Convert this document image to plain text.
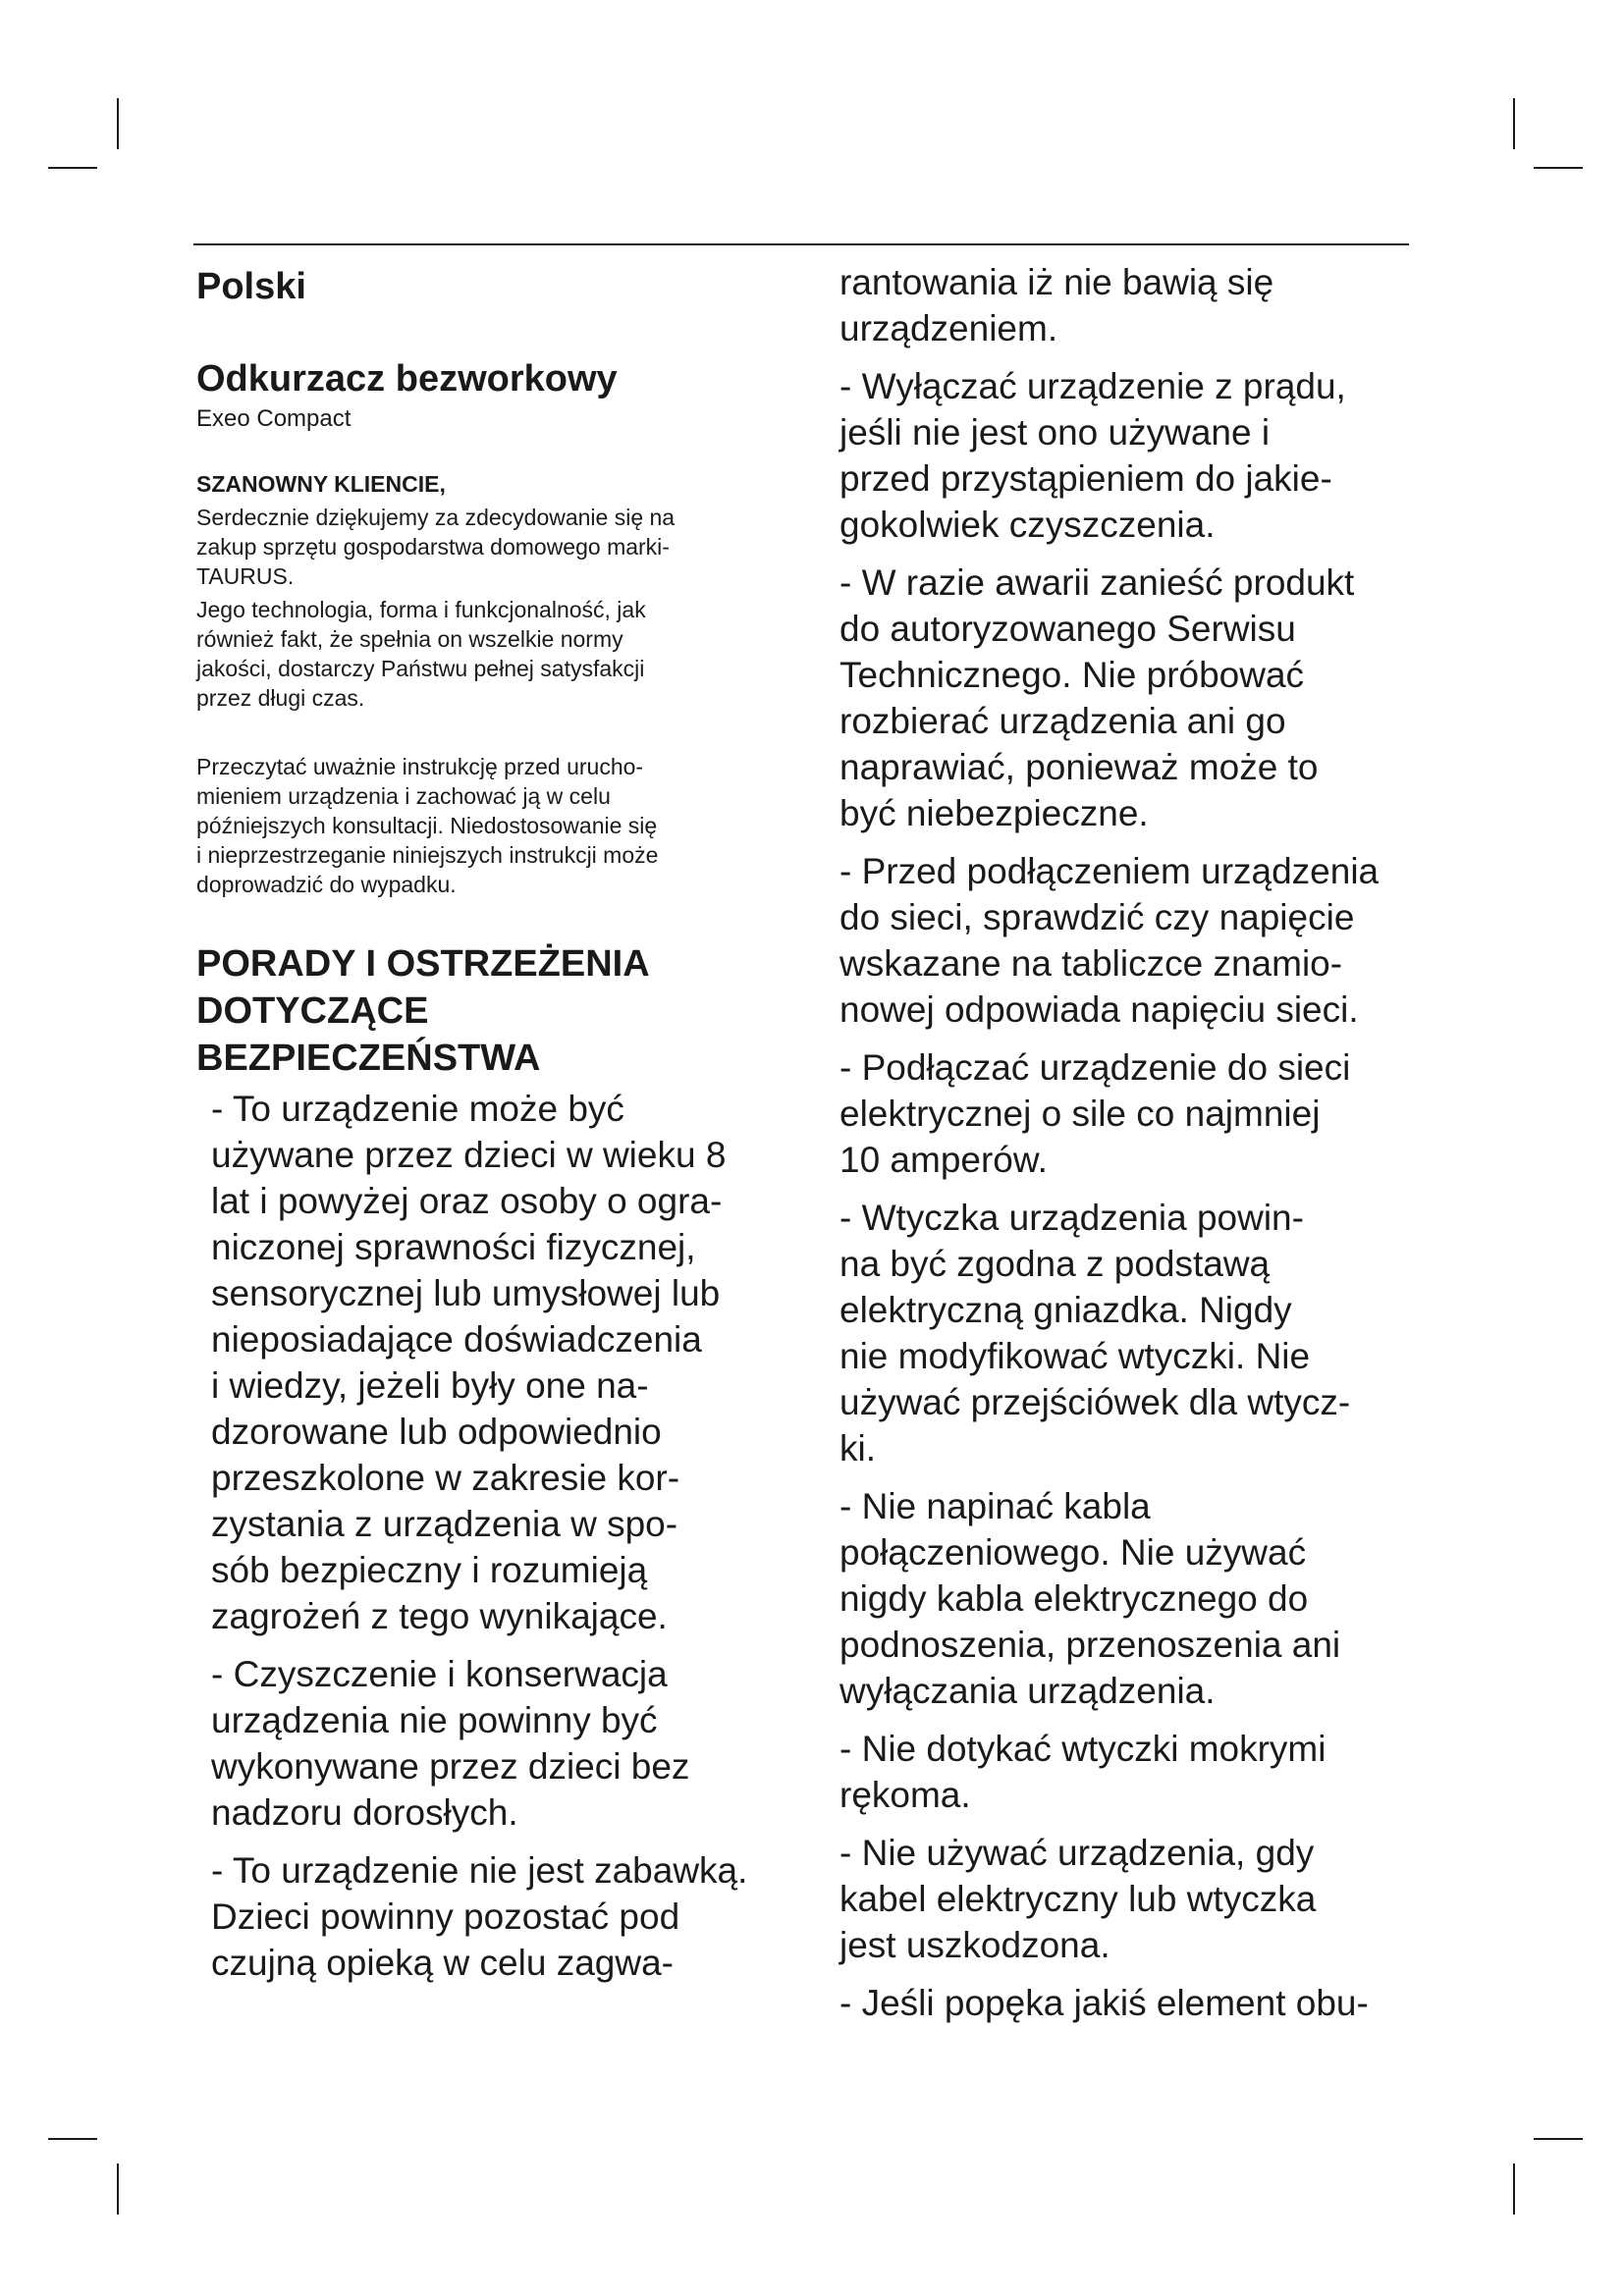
Polski
Odkurzacz bezworkowy

Exeo Compact

SZANOWNY KLIENCIE,

Serdecznie dziękujemy za zdecydowanie się na
zakup sprzętu gospodarstwa domowego marki-
TAURUS.

Jego technologia, forma i funkcjonalność, jak
również fakt, że spełnia on wszelkie normy
jakości, dostarczy Państwu pełnej satysfakcji
przez długi czas.

Przeczytać uważnie instrukcję przed urucho-
mieniem urządzenia i zachować ją w celu
późniejszych konsultacji. Niedostosowanie się
i nieprzestrzeganie niniejszych instrukcji może
doprowadzić do wypadku.

PORADY I OSTRZEŻENIA
DOTYCZĄCE
BEZPIECZEŃSTWA

- To urządzenie może być
używane przez dzieci w wieku 8
lat i powyżej oraz osoby o ogra-
niczonej sprawności fizycznej,
sensorycznej lub umysłowej lub
nieposiadające doświadczenia
i wiedzy, jeżeli były one na-
dzorowane lub odpowiednio
przeszkolone w zakresie kor-
zystania z urządzenia w spo-
sób bezpieczny i rozumieją
zagrożeń z tego wynikające.

- Czyszczenie i konserwacja
urządzenia nie powinny być
wykonywane przez dzieci bez
nadzoru dorosłych.

- To urządzenie nie jest zabawką.
Dzieci powinny pozostać pod
czujną opieką w celu zagwa-

rantowania iż nie bawią się
urządzeniem.

- Wyłączać urządzenie z prądu,
jeśli nie jest ono używane i
przed przystąpieniem do jakie-
gokolwiek czyszczenia.

- W razie awarii zanieść produkt
do autoryzowanego Serwisu
Technicznego. Nie próbować
rozbierać urządzenia ani go
naprawiać, ponieważ może to
być niebezpieczne.

- Przed podłączeniem urządzenia
do sieci, sprawdzić czy napięcie
wskazane na tabliczce znamio-
nowej odpowiada napięciu sieci.

- Podłączać urządzenie do sieci
elektrycznej o sile co najmniej
10 amperów.

- Wtyczka urządzenia powin-
na być zgodna z podstawą
elektryczną gniazdka. Nigdy
nie modyfikować wtyczki. Nie
używać przejściówek dla wtycz-
ki.

- Nie napinać kabla
połączeniowego. Nie używać
nigdy kabla elektrycznego do
podnoszenia, przenoszenia ani
wyłączania urządzenia.

- Nie dotykać wtyczki mokrymi
rękoma.

- Nie używać urządzenia, gdy
kabel elektryczny lub wtyczka
jest uszkodzona.

- Jeśli popęka jakiś element obu-
